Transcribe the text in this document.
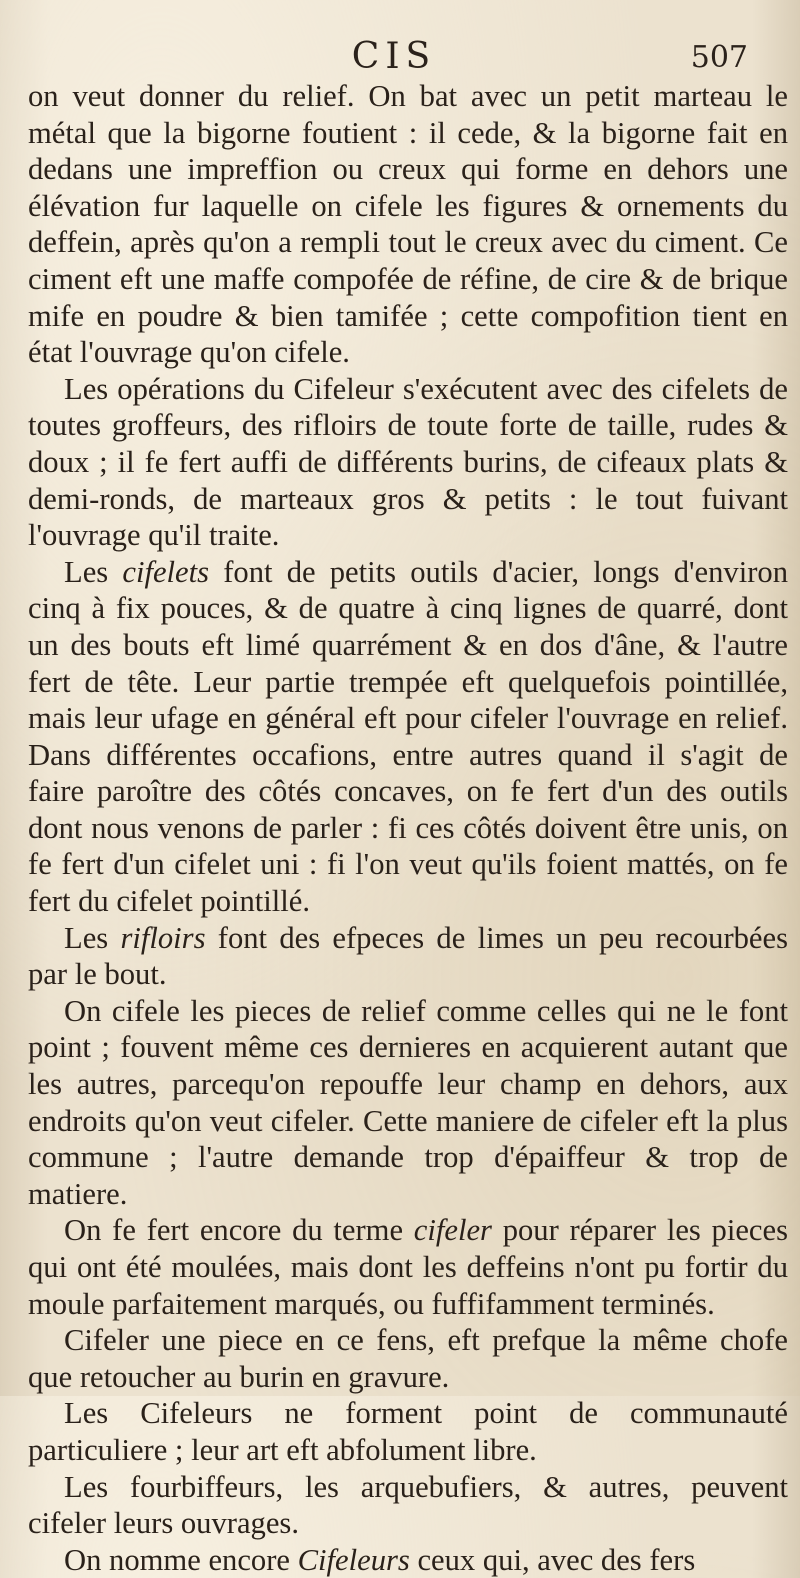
CIS	507

on veut donner du relief. On bat avec un petit marteau le métal que la bigorne foutient : il cede, & la bigorne fait en dedans une impreffion ou creux qui forme en dehors une élévation fur laquelle on cifele les figures & ornements du deffein, après qu'on a rempli tout le creux avec du ciment. Ce ciment eft une maffe compofée de réfine, de cire & de brique mife en poudre & bien tamifée ; cette compofition tient en état l'ouvrage qu'on cifele.

Les opérations du Cifeleur s'exécutent avec des cifelets de toutes groffeurs, des rifloirs de toute forte de taille, rudes & doux ; il fe fert auffi de différents burins, de cifeaux plats & demi-ronds, de marteaux gros & petits : le tout fuivant l'ouvrage qu'il traite.

Les cifelets font de petits outils d'acier, longs d'environ cinq à fix pouces, & de quatre à cinq lignes de quarré, dont un des bouts eft limé quarrément & en dos d'âne, & l'autre fert de tête. Leur partie trempée eft quelquefois pointillée, mais leur ufage en général eft pour cifeler l'ouvrage en relief. Dans différentes occafions, entre autres quand il s'agit de faire paroître des côtés concaves, on fe fert d'un des outils dont nous venons de parler : fi ces côtés doivent être unis, on fe fert d'un cifelet uni : fi l'on veut qu'ils foient mattés, on fe fert du cifelet pointillé.

Les rifloirs font des efpeces de limes un peu recourbées par le bout.

On cifele les pieces de relief comme celles qui ne le font point ; fouvent même ces dernieres en acquierent autant que les autres, parcequ'on repouffe leur champ en dehors, aux endroits qu'on veut cifeler. Cette maniere de cifeler eft la plus commune ; l'autre demande trop d'épaiffeur & trop de matiere.

On fe fert encore du terme cifeler pour réparer les pieces qui ont été moulées, mais dont les deffeins n'ont pu fortir du moule parfaitement marqués, ou fuffifamment terminés.

Cifeler une piece en ce fens, eft prefque la même chofe que retoucher au burin en gravure.

Les Cifeleurs ne forment point de communauté particuliere ; leur art eft abfolument libre.

Les fourbiffeurs, les arquebufiers, & autres, peuvent cifeler leurs ouvrages.

On nomme encore Cifeleurs ceux qui, avec des fers
